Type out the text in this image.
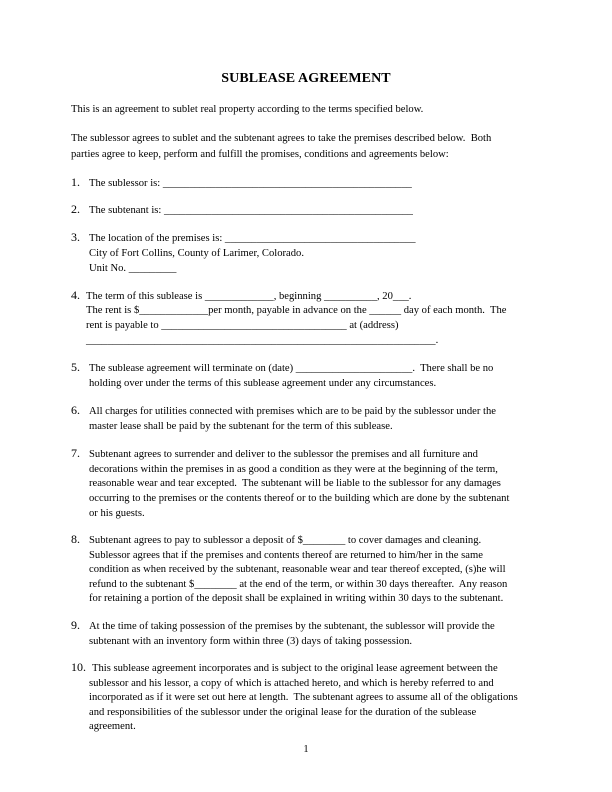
SUBLEASE AGREEMENT
This is an agreement to sublet real property according to the terms specified below.
The sublessor agrees to sublet and the subtenant agrees to take the premises described below.  Both
parties agree to keep, perform and fulfill the promises, conditions and agreements below:
1. The sublessor is: _______________________________________________
2. The subtenant is: _______________________________________________
3. The location of the premises is: ____________________________________
City of Fort Collins, County of Larimer, Colorado.
Unit No. _________
4. The term of this sublease is _____________, beginning __________, 20___.
The rent is $_____________per month, payable in advance on the ______ day of each month.  The
rent is payable to ___________________________________ at (address)
__________________________________________________________________.
5. The sublease agreement will terminate on (date) ______________________.  There shall be no
holding over under the terms of this sublease agreement under any circumstances.
6. All charges for utilities connected with premises which are to be paid by the sublessor under the
master lease shall be paid by the subtenant for the term of this sublease.
7. Subtenant agrees to surrender and deliver to the sublessor the premises and all furniture and
decorations within the premises in as good a condition as they were at the beginning of the term,
reasonable wear and tear excepted.  The subtenant will be liable to the sublessor for any damages
occurring to the premises or the contents thereof or to the building which are done by the subtenant
or his guests.
8. Subtenant agrees to pay to sublessor a deposit of $________ to cover damages and cleaning.
Sublessor agrees that if the premises and contents thereof are returned to him/her in the same
condition as when received by the subtenant, reasonable wear and tear thereof excepted, (s)he will
refund to the subtenant $________ at the end of the term, or within 30 days thereafter.  Any reason
for retaining a portion of the deposit shall be explained in writing within 30 days to the subtenant.
9. At the time of taking possession of the premises by the subtenant, the sublessor will provide the
subtenant with an inventory form within three (3) days of taking possession.
10. This sublease agreement incorporates and is subject to the original lease agreement between the
sublessor and his lessor, a copy of which is attached hereto, and which is hereby referred to and
incorporated as if it were set out here at length.  The subtenant agrees to assume all of the obligations
and responsibilities of the sublessor under the original lease for the duration of the sublease
agreement.
1
